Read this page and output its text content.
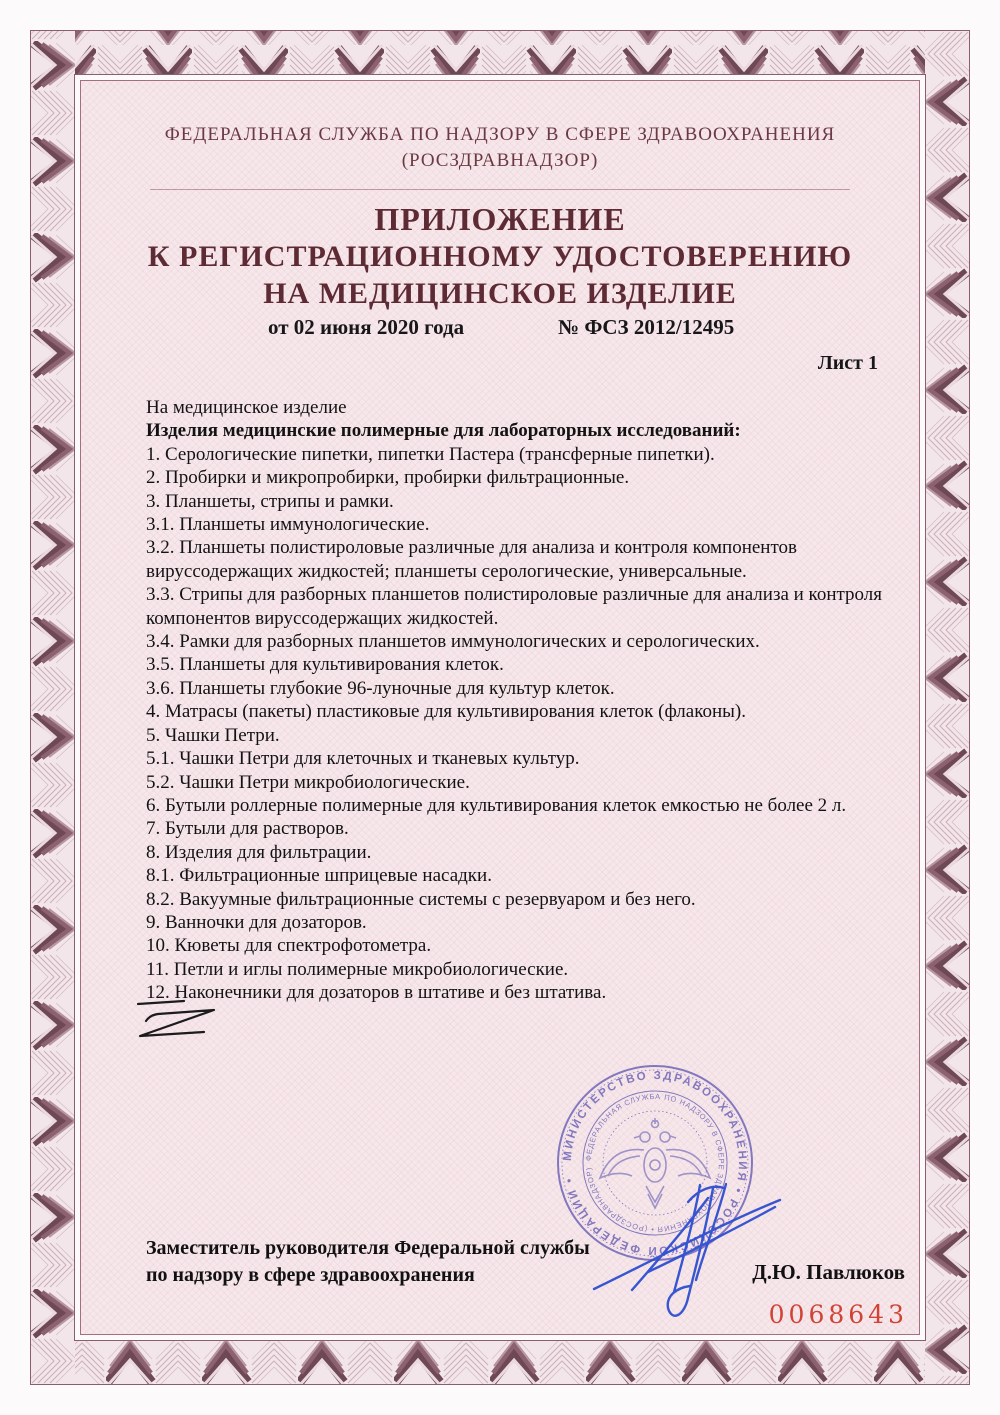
ФЕДЕРАЛЬНАЯ СЛУЖБА ПО НАДЗОРУ В СФЕРЕ ЗДРАВООХРАНЕНИЯ
(РОСЗДРАВНАДЗОР)
ПРИЛОЖЕНИЕ
К РЕГИСТРАЦИОННОМУ УДОСТОВЕРЕНИЮ
НА МЕДИЦИНСКОЕ ИЗДЕЛИЕ
от 02 июня 2020 года	№ ФСЗ 2012/12495
Лист 1
На медицинское изделие
Изделия медицинские полимерные для лабораторных исследований:
1. Серологические пипетки, пипетки Пастера (трансферные пипетки).
2. Пробирки и микропробирки, пробирки фильтрационные.
3. Планшеты, стрипы и рамки.
3.1. Планшеты иммунологические.
3.2. Планшеты полистироловые различные для анализа и контроля компонентов вируссодержащих жидкостей; планшеты серологические, универсальные.
3.3. Стрипы для разборных планшетов полистироловые различные для анализа и контроля компонентов вируссодержащих жидкостей.
3.4. Рамки для разборных планшетов иммунологических и серологических.
3.5. Планшеты для культивирования клеток.
3.6. Планшеты глубокие 96-луночные для культур клеток.
4. Матрасы (пакеты) пластиковые для культивирования клеток (флаконы).
5. Чашки Петри.
5.1. Чашки Петри для клеточных и тканевых культур.
5.2. Чашки Петри микробиологические.
6. Бутыли роллерные полимерные для культивирования клеток емкостью не более 2 л.
7. Бутыли для растворов.
8. Изделия для фильтрации.
8.1. Фильтрационные шприцевые насадки.
8.2. Вакуумные фильтрационные системы с резервуаром и без него.
9. Ванночки для дозаторов.
10. Кюветы для спектрофотометра.
11. Петли и иглы полимерные микробиологические.
12. Наконечники для дозаторов в штативе и без штатива.
Заместитель руководителя Федеральной службы
по надзору в сфере здравоохранения	Д.Ю. Павлюков
0068643
МИНИСТЕРСТВО ЗДРАВООХРАНЕНИЯ • РОССИЙСКОЙ ФЕДЕРАЦИИ •
ФЕДЕРАЛЬНАЯ СЛУЖБА ПО НАДЗОРУ В СФЕРЕ ЗДРАВООХРАНЕНИЯ • (РОСЗДРАВНАДЗОР)
